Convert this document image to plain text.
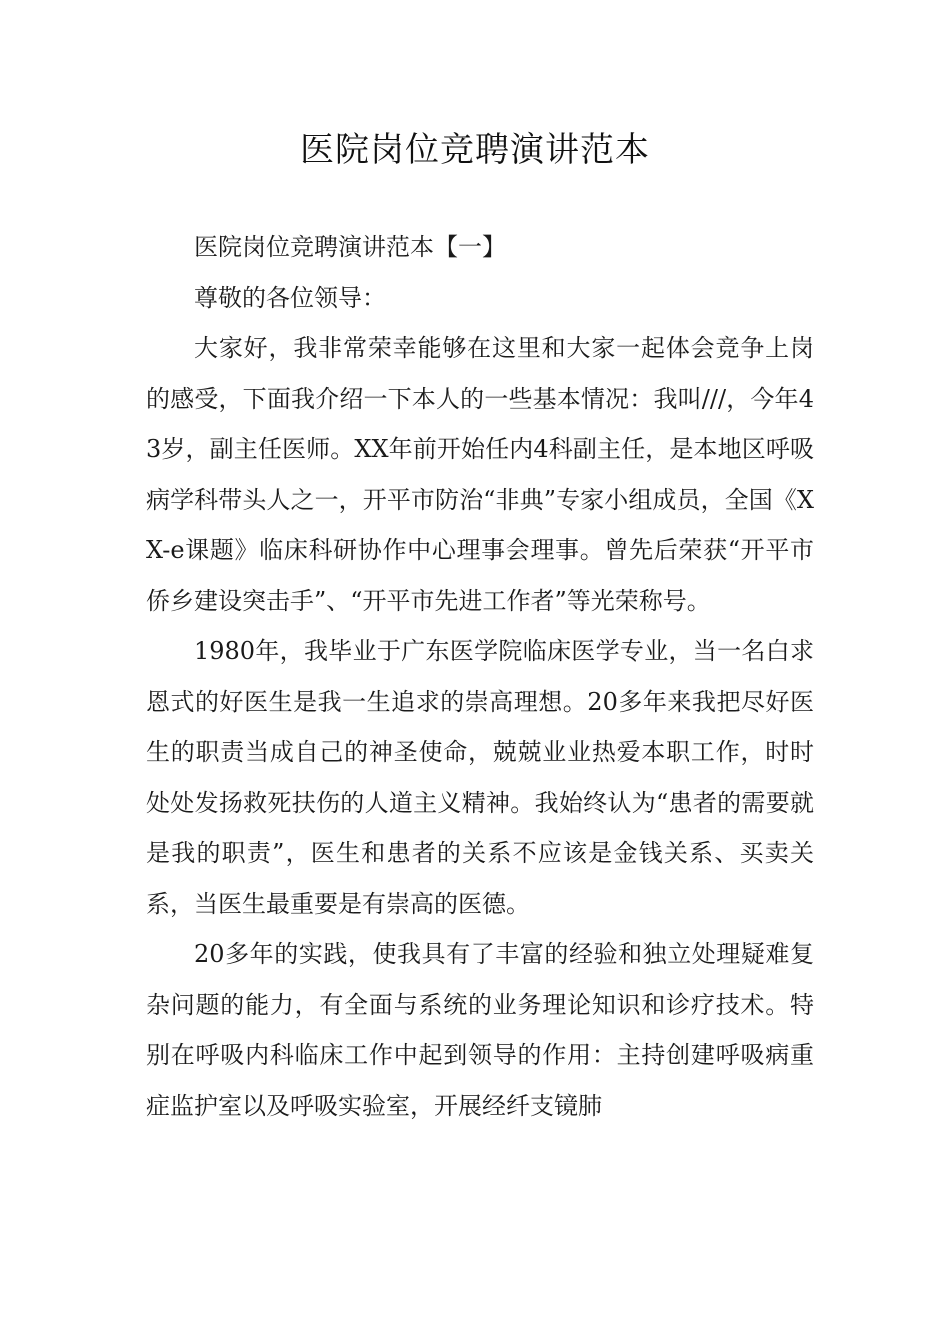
医院岗位竞聘演讲范本

医院岗位竞聘演讲范本【一】

尊敬的各位领导：

大家好，我非常荣幸能够在这里和大家一起体会竞争上岗的感受，下面我介绍一下本人的一些基本情况：我叫///，今年43岁，副主任医师。XX年前开始任内4科副主任，是本地区呼吸病学科带头人之一，开平市防治“非典”专家小组成员，全国《XX-e课题》临床科研协作中心理事会理事。曾先后荣获“开平市侨乡建设突击手”、“开平市先进工作者”等光荣称号。

1980年，我毕业于广东医学院临床医学专业，当一名白求恩式的好医生是我一生追求的崇高理想。20多年来我把尽好医生的职责当成自己的神圣使命，兢兢业业热爱本职工作，时时处处发扬救死扶伤的人道主义精神。我始终认为“患者的需要就是我的职责”，医生和患者的关系不应该是金钱关系、买卖关系，当医生最重要是有崇高的医德。

20多年的实践，使我具有了丰富的经验和独立处理疑难复杂问题的能力，有全面与系统的业务理论知识和诊疗技术。特别在呼吸内科临床工作中起到领导的作用：主持创建呼吸病重症监护室以及呼吸实验室，开展经纤支镜肺
